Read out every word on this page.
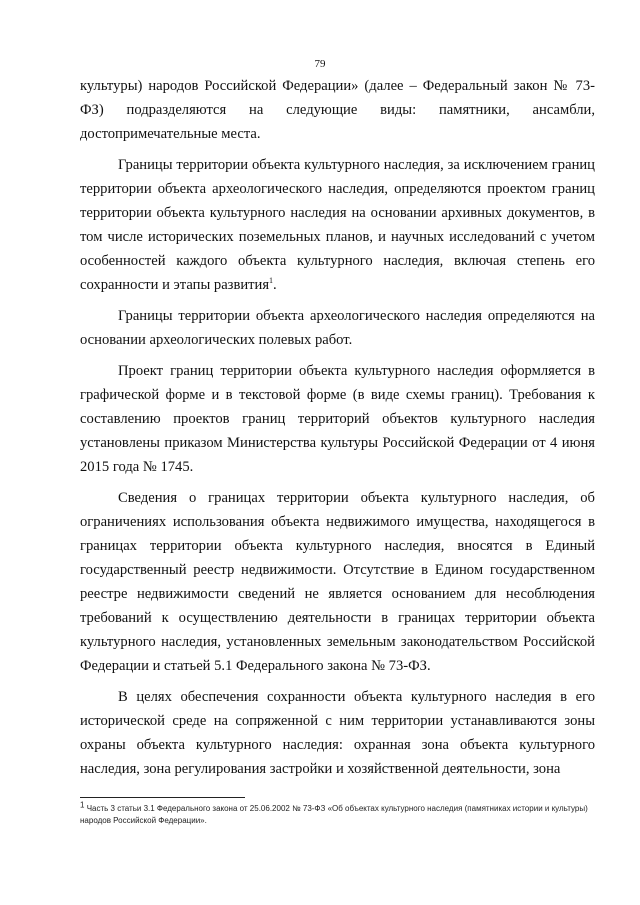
79

культуры) народов Российской Федерации» (далее – Федеральный закон № 73-ФЗ) подразделяются на следующие виды: памятники, ансамбли, достопримечательные места.

Границы территории объекта культурного наследия, за исключением границ территории объекта археологического наследия, определяются проектом границ территории объекта культурного наследия на основании архивных документов, в том числе исторических поземельных планов, и научных исследований с учетом особенностей каждого объекта культурного наследия, включая степень его сохранности и этапы развития$^1$.

Границы территории объекта археологического наследия определяются на основании археологических полевых работ.

Проект границ территории объекта культурного наследия оформляется в графической форме и в текстовой форме (в виде схемы границ). Требования к составлению проектов границ территорий объектов культурного наследия установлены приказом Министерства культуры Российской Федерации от 4 июня 2015 года № 1745.

Сведения о границах территории объекта культурного наследия, об ограничениях использования объекта недвижимого имущества, находящегося в границах территории объекта культурного наследия, вносятся в Единый государственный реестр недвижимости. Отсутствие в Едином государственном реестре недвижимости сведений не является основанием для несоблюдения требований к осуществлению деятельности в границах территории объекта культурного наследия, установленных земельным законодательством Российской Федерации и статьей 5.1 Федерального закона № 73-ФЗ.

В целях обеспечения сохранности объекта культурного наследия в его исторической среде на сопряженной с ним территории устанавливаются зоны охраны объекта культурного наследия: охранная зона объекта культурного наследия, зона регулирования застройки и хозяйственной деятельности, зона

$^1$ Часть 3 статьи 3.1 Федерального закона от 25.06.2002 № 73-ФЗ «Об объектах культурного наследия (памятниках истории и культуры) народов Российской Федерации».
